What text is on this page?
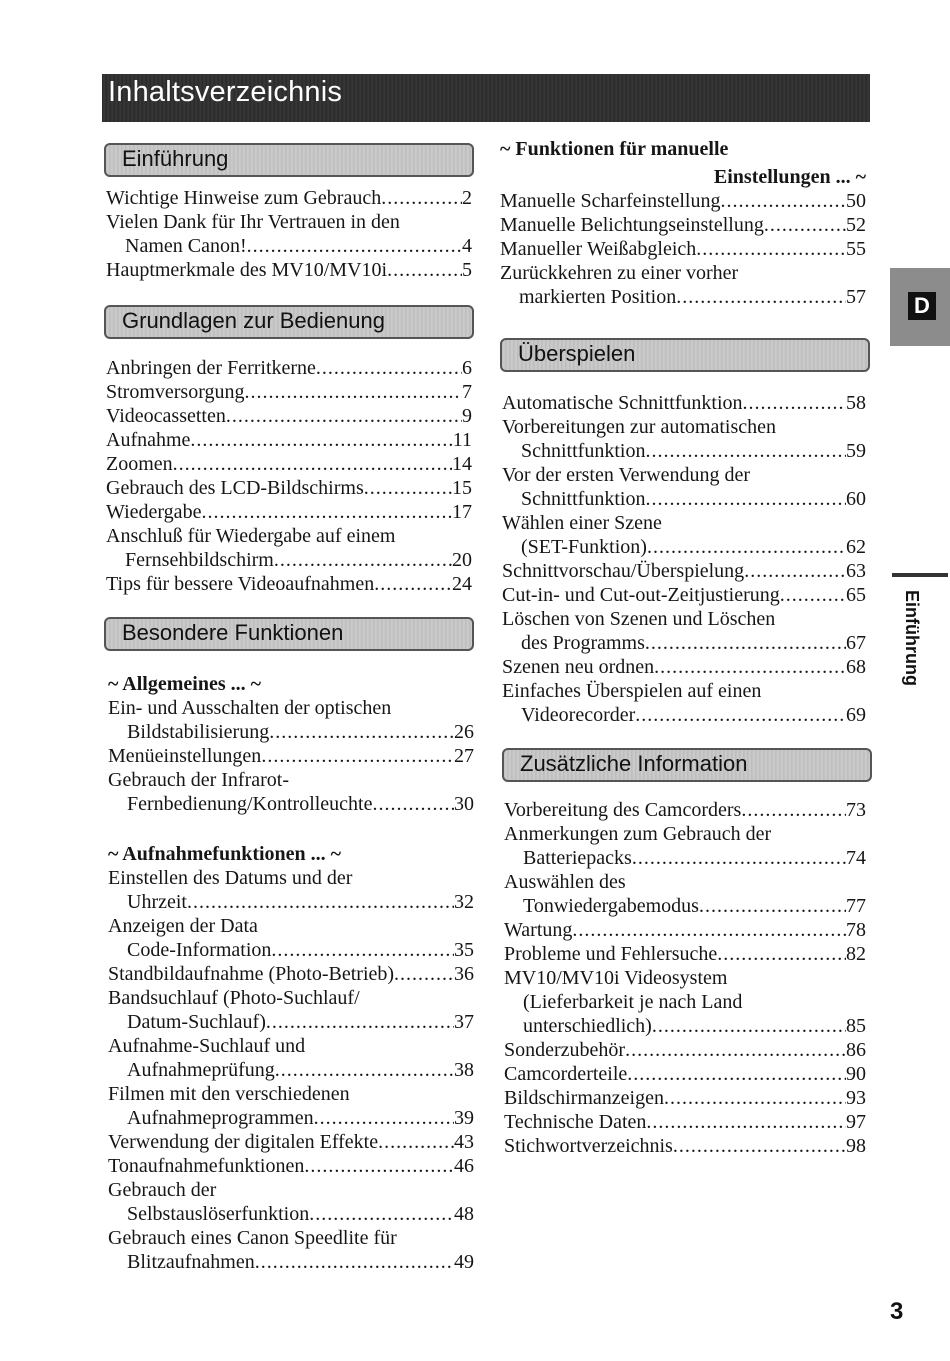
Inhaltsverzeichnis
Einführung
Wichtige Hinweise zum Gebrauch .....	2
Vielen Dank für Ihr Vertrauen in den
Namen Canon! .....	4
Hauptmerkmale des MV10/MV10i .....	5
Grundlagen zur Bedienung
Anbringen der Ferritkerne .....	6
Stromversorgung .....	7
Videocassetten .....	9
Aufnahme .....	11
Zoomen .....	14
Gebrauch des LCD-Bildschirms .....	15
Wiedergabe .....	17
Anschluß für Wiedergabe auf einem
Fernsehbildschirm .....	20
Tips für bessere Videoaufnahmen .....	24
Besondere Funktionen
~ Allgemeines ... ~
Ein- und Ausschalten der optischen
Bildstabilisierung .....	26
Menüeinstellungen .....	27
Gebrauch der Infrarot-
Fernbedienung/Kontrolleuchte .....	30
~ Aufnahmefunktionen ... ~
Einstellen des Datums und der
Uhrzeit .....	32
Anzeigen der Data
Code-Information .....	35
Standbildaufnahme (Photo-Betrieb) .....	36
Bandsuchlauf (Photo-Suchlauf/
Datum-Suchlauf) .....	37
Aufnahme-Suchlauf und
Aufnahmeprüfung .....	38
Filmen mit den verschiedenen
Aufnahmeprogrammen .....	39
Verwendung der digitalen Effekte .....	43
Tonaufnahmefunktionen .....	46
Gebrauch der
Selbstauslöserfunktion .....	48
Gebrauch eines Canon Speedlite für
Blitzaufnahmen .....	49
~ Funktionen für manuelle
Einstellungen ... ~
Manuelle Scharfeinstellung .....	50
Manuelle Belichtungseinstellung .....	52
Manueller Weißabgleich .....	55
Zurückkehren zu einer vorher
markierten Position .....	57
Überspielen
Automatische Schnittfunktion .....	58
Vorbereitungen zur automatischen
Schnittfunktion .....	59
Vor der ersten Verwendung der
Schnittfunktion .....	60
Wählen einer Szene
(SET-Funktion) .....	62
Schnittvorschau/Überspielung .....	63
Cut-in- und Cut-out-Zeitjustierung .....	65
Löschen von Szenen und Löschen
des Programms .....	67
Szenen neu ordnen .....	68
Einfaches Überspielen auf einen
Videorecorder .....	69
Zusätzliche Information
Vorbereitung des Camcorders .....	73
Anmerkungen zum Gebrauch der
Batteriepacks .....	74
Auswählen des
Tonwiedergabemodus .....	77
Wartung .....	78
Probleme und Fehlersuche .....	82
MV10/MV10i Videosystem
(Lieferbarkeit je nach Land
unterschiedlich) .....	85
Sonderzubehör .....	86
Camcorderteile .....	90
Bildschirmanzeigen .....	93
Technische Daten .....	97
Stichwortverzeichnis .....	98
D
Einführung
3
